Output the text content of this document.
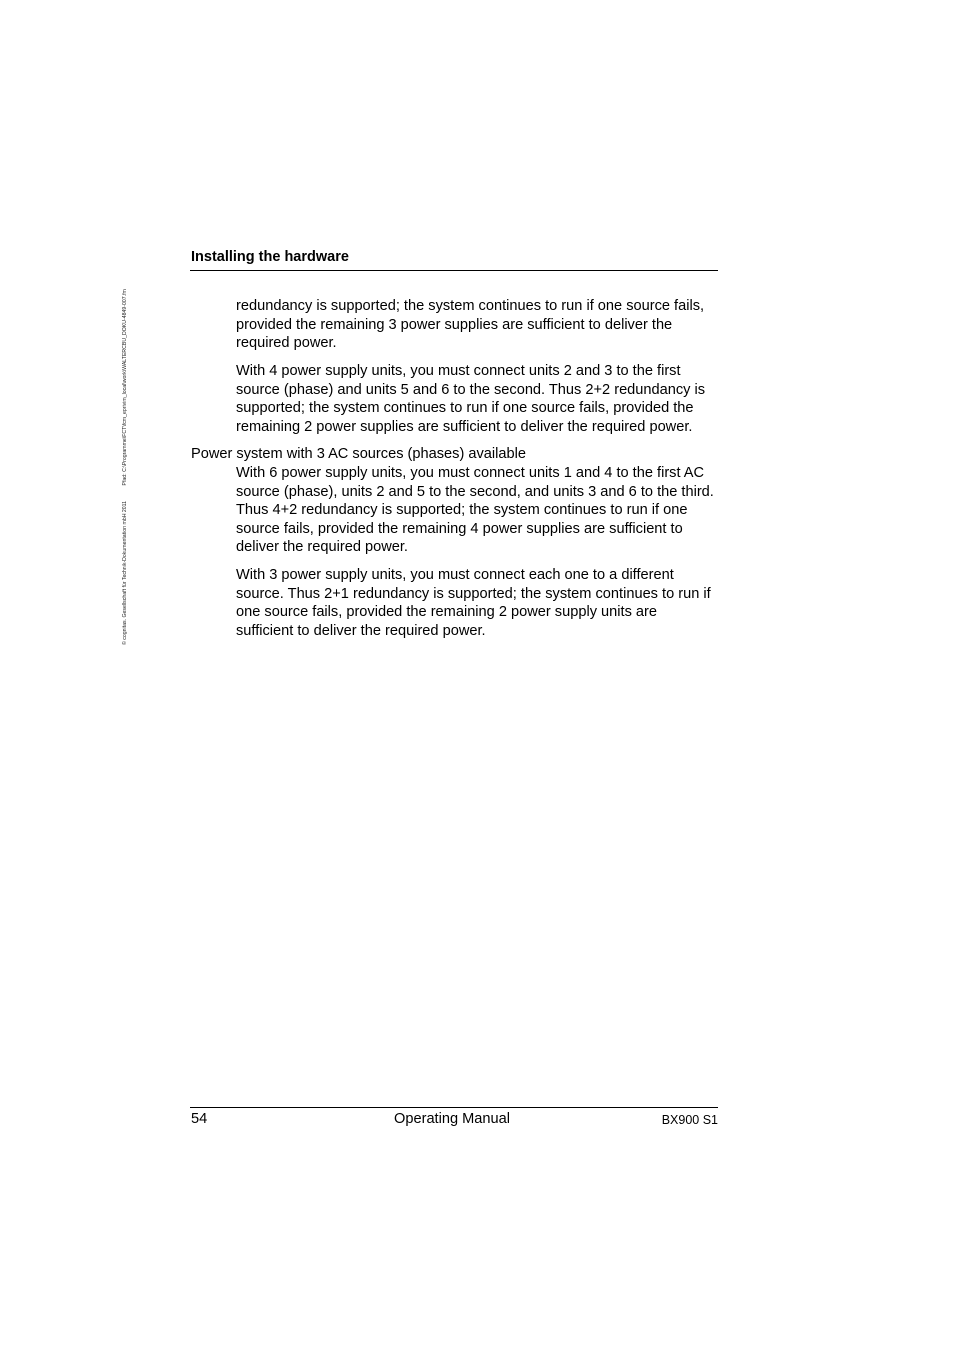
© cognitas. Gesellschaft für Technik-Dokumentation mbH 2011 Pfad: C:\Programme\FCT\fcm_eprivim_local\work\WALTERCBU_DOKU-4849-007.fm
Installing the hardware

redundancy is supported; the system continues to run if one source fails, provided the remaining 3 power supplies are sufficient to deliver the required power.

With 4 power supply units, you must connect units 2 and 3 to the first source (phase) and units 5 and 6 to the second. Thus 2+2 redundancy is supported; the system continues to run if one source fails, provided the remaining 2 power supplies are sufficient to deliver the required power.

Power system with 3 AC sources (phases) available

With 6 power supply units, you must connect units 1 and 4 to the first AC source (phase), units 2 and 5 to the second, and units 3 and 6 to the third. Thus 4+2 redundancy is supported; the system continues to run if one source fails, provided the remaining 4 power supplies are sufficient to deliver the required power.

With 3 power supply units, you must connect each one to a different source. Thus 2+1 redundancy is supported; the system continues to run if one source fails, provided the remaining 2 power supply units are sufficient to deliver the required power.

54	Operating Manual	BX900 S1
